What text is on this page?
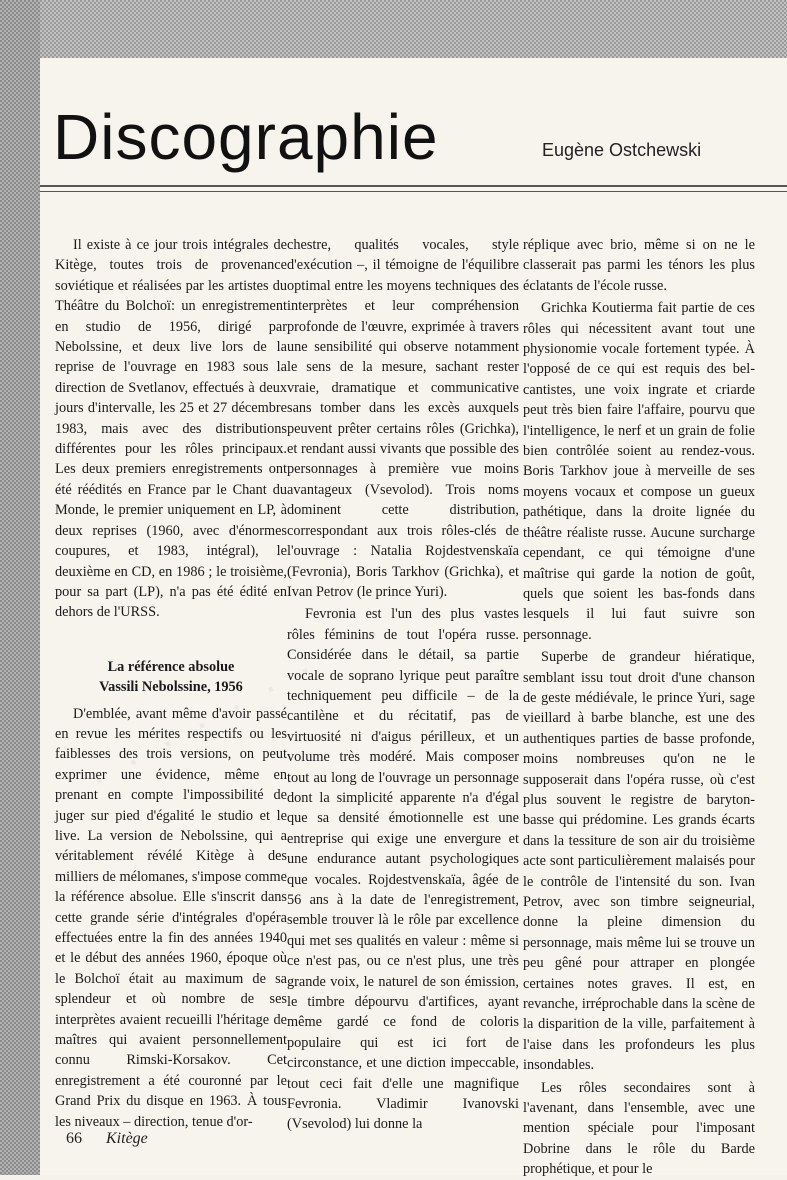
Discographie	Eugène Ostchewski

Il existe à ce jour trois intégrales de Kitège, toutes trois de provenance soviétique et réalisées par les artistes du Théâtre du Bolchoï: un enregistrement en studio de 1956, dirigé par Nebolssine, et deux live lors de la reprise de l'ouvrage en 1983 sous la direction de Svetlanov, effectués à deux jours d'intervalle, les 25 et 27 décembre 1983, mais avec des distributions différentes pour les rôles principaux. Les deux premiers enregistrements ont été réédités en France par le Chant du Monde, le premier uniquement en LP, à deux reprises (1960, avec d'énormes coupures, et 1983, intégral), le deuxième en CD, en 1986 ; le troisième, pour sa part (LP), n'a pas été édité en dehors de l'URSS.

La référence absolue
Vassili Nebolssine, 1956

D'emblée, avant même d'avoir passé en revue les mérites respectifs ou les faiblesses des trois versions, on peut exprimer une évidence, même en prenant en compte l'impossibilité de juger sur pied d'égalité le studio et le live. La version de Nebolssine, qui a véritablement révélé Kitège à des milliers de mélomanes, s'impose comme la référence absolue. Elle s'inscrit dans cette grande série d'intégrales d'opéra effectuées entre la fin des années 1940 et le début des années 1960, époque où le Bolchoï était au maximum de sa splendeur et où nombre de ses interprètes avaient recueilli l'héritage de maîtres qui avaient personnellement connu Rimski-Korsakov. Cet enregistrement a été couronné par le Grand Prix du disque en 1963. À tous les niveaux – direction, tenue d'or-

chestre, qualités vocales, style d'exécution –, il témoigne de l'équilibre optimal entre les moyens techniques des interprètes et leur compréhension profonde de l'œuvre, exprimée à travers une sensibilité qui observe notamment le sens de la mesure, sachant rester vraie, dramatique et communicative sans tomber dans les excès auxquels peuvent prêter certains rôles (Grichka), et rendant aussi vivants que possible des personnages à première vue moins avantageux (Vsevolod). Trois noms dominent cette distribution, correspondant aux trois rôles-clés de l'ouvrage : Natalia Rojdestvenskaïa (Fevronia), Boris Tarkhov (Grichka), et Ivan Petrov (le prince Yuri).

Fevronia est l'un des plus vastes rôles féminins de tout l'opéra russe. Considérée dans le détail, sa partie vocale de soprano lyrique peut paraître techniquement peu difficile – de la cantilène et du récitatif, pas de virtuosité ni d'aigus périlleux, et un volume très modéré. Mais composer tout au long de l'ouvrage un personnage dont la simplicité apparente n'a d'égal que sa densité émotionnelle est une entreprise qui exige une envergure et une endurance autant psychologiques que vocales. Rojdestvenskaïa, âgée de 56 ans à la date de l'enregistrement, semble trouver là le rôle par excellence qui met ses qualités en valeur : même si ce n'est pas, ou ce n'est plus, une très grande voix, le naturel de son émission, le timbre dépourvu d'artifices, ayant même gardé ce fond de coloris populaire qui est ici fort de circonstance, et une diction impeccable, tout ceci fait d'elle une magnifique Fevronia. Vladimir Ivanovski (Vsevolod) lui donne la

réplique avec brio, même si on ne le classerait pas parmi les ténors les plus éclatants de l'école russe.

Grichka Koutierma fait partie de ces rôles qui nécessitent avant tout une physionomie vocale fortement typée. À l'opposé de ce qui est requis des bel-cantistes, une voix ingrate et criarde peut très bien faire l'affaire, pourvu que l'intelligence, le nerf et un grain de folie bien contrôlée soient au rendez-vous. Boris Tarkhov joue à merveille de ses moyens vocaux et compose un gueux pathétique, dans la droite lignée du théâtre réaliste russe. Aucune surcharge cependant, ce qui témoigne d'une maîtrise qui garde la notion de goût, quels que soient les bas-fonds dans lesquels il lui faut suivre son personnage.

Superbe de grandeur hiératique, semblant issu tout droit d'une chanson de geste médiévale, le prince Yuri, sage vieillard à barbe blanche, est une des authentiques parties de basse profonde, moins nombreuses qu'on ne le supposerait dans l'opéra russe, où c'est plus souvent le registre de baryton-basse qui prédomine. Les grands écarts dans la tessiture de son air du troisième acte sont particulièrement malaisés pour le contrôle de l'intensité du son. Ivan Petrov, avec son timbre seigneurial, donne la pleine dimension du personnage, mais même lui se trouve un peu gêné pour attraper en plongée certaines notes graves. Il est, en revanche, irréprochable dans la scène de la disparition de la ville, parfaitement à l'aise dans les profondeurs les plus insondables.

Les rôles secondaires sont à l'avenant, dans l'ensemble, avec une mention spéciale pour l'imposant Dobrine dans le rôle du Barde prophétique, et pour le

66 Kitège
